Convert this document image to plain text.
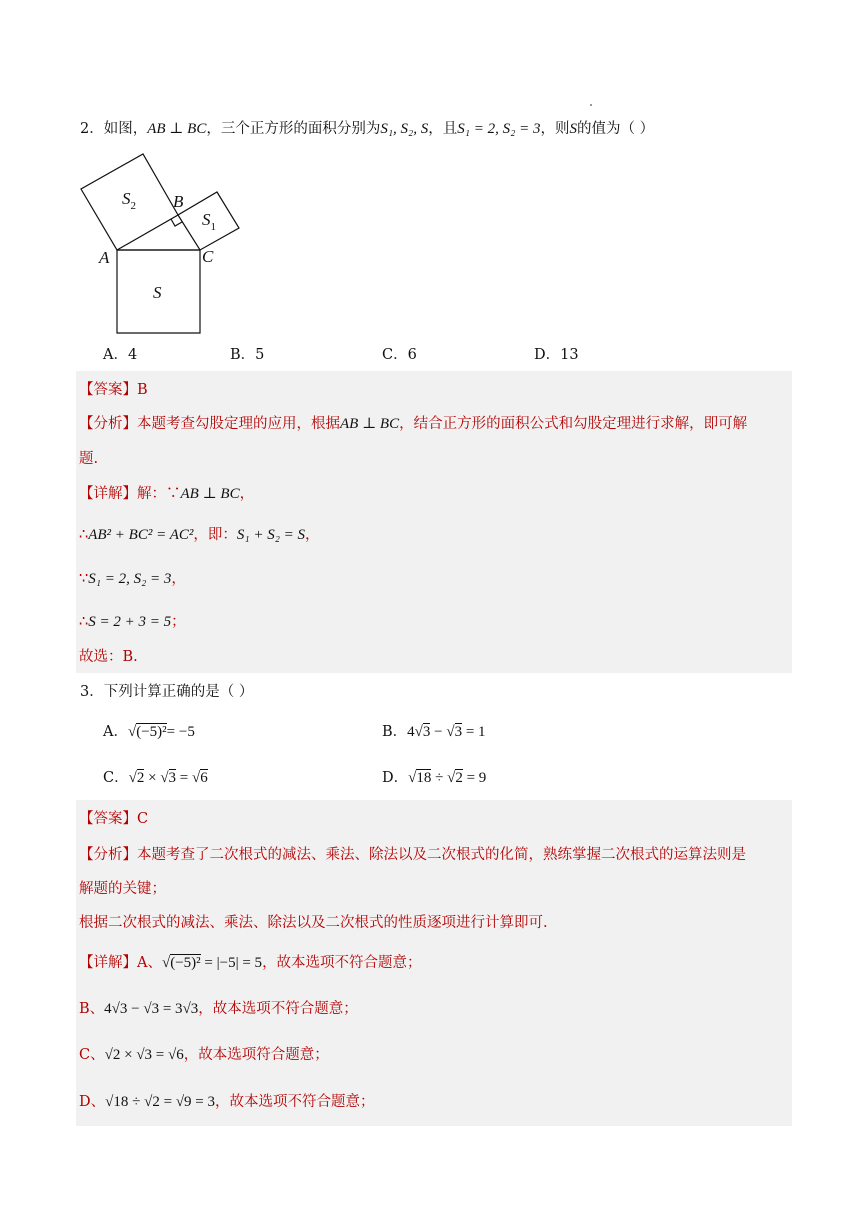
2．如图，AB ⊥ BC，三个正方形的面积分别为S₁, S₂, S，且S₁ = 2, S₂ = 3，则S的值为（ ）
$S_2$
$S_1$
S
A
B
C
A．4	B．5	C．6	D．13
【答案】B
【分析】本题考查勾股定理的应用，根据AB ⊥ BC，结合正方形的面积公式和勾股定理进行求解，即可解
题.
【详解】解：∵AB ⊥ BC，
∴AB² + BC² = AC²，即：S₁ + S₂ = S，
∵S₁ = 2, S₂ = 3，
∴S = 2 + 3 = 5；
故选：B.
3．下列计算正确的是（ ）
A．√(−5)²= −5	B．4√3 − √3 = 1
C．√2 × √3 = √6	D．√18 ÷ √2 = 9
【答案】C
【分析】本题考查了二次根式的减法、乘法、除法以及二次根式的化简，熟练掌握二次根式的运算法则是
解题的关键；
根据二次根式的减法、乘法、除法以及二次根式的性质逐项进行计算即可.
【详解】A、√(−5)² = |−5| = 5，故本选项不符合题意；
B、4√3 − √3 = 3√3，故本选项不符合题意；
C、√2 × √3 = √6，故本选项符合题意；
D、√18 ÷ √2 = √9 = 3，故本选项不符合题意；
